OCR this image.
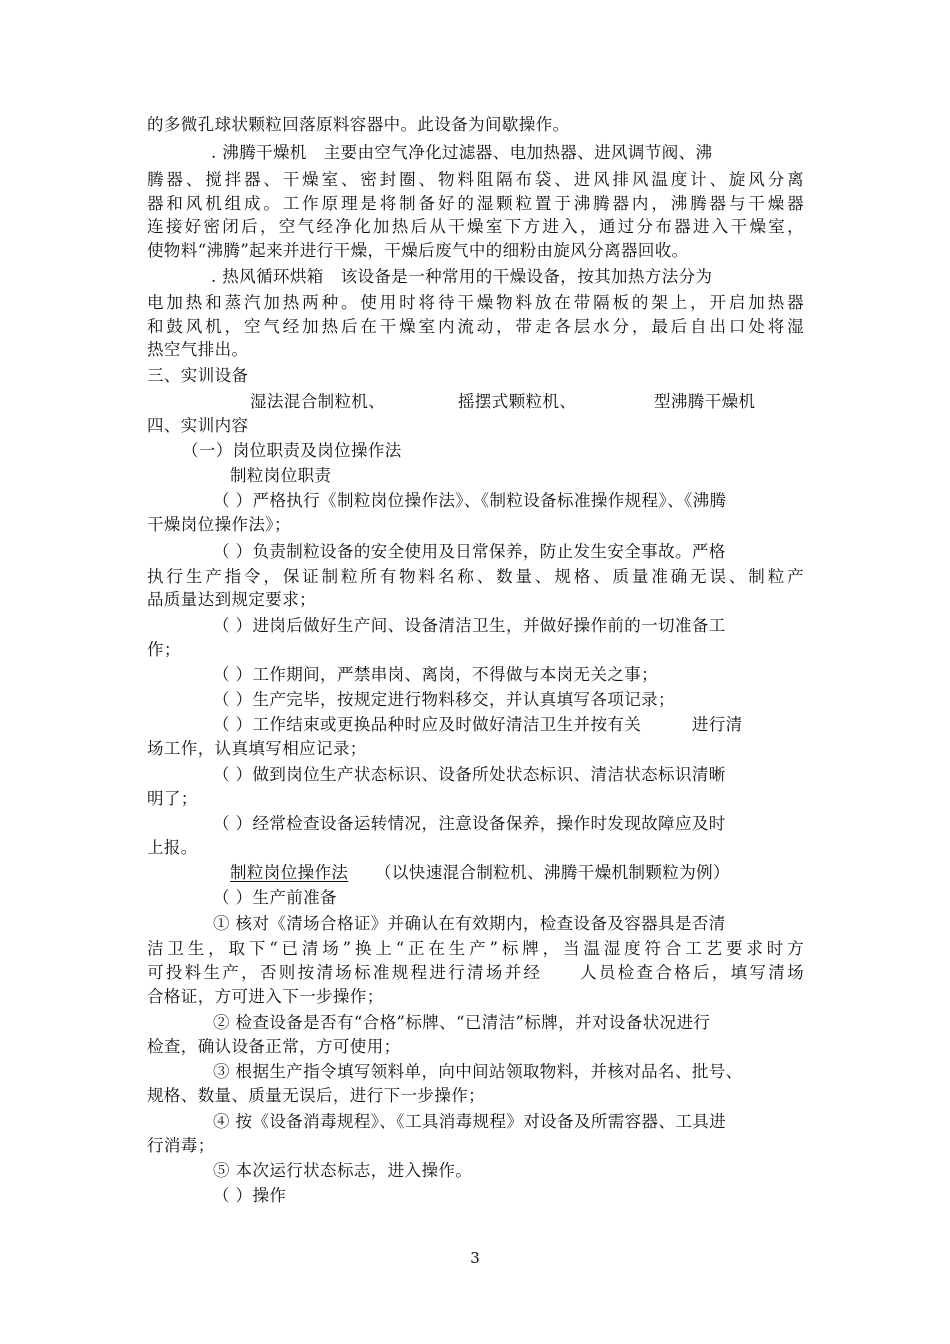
的多微孔球状颗粒回落原料容器中。此设备为间歇操作。
. 沸腾干燥机　主要由空气净化过滤器、电加热器、进风调节阀、沸
腾器、搅拌器、干燥室、密封圈、物料阻隔布袋、进风排风温度计、旋风分离
器和风机组成。工作原理是将制备好的湿颗粒置于沸腾器内，沸腾器与干燥器
连接好密闭后，空气经净化加热后从干燥室下方进入，通过分布器进入干燥室，
使物料“沸腾”起来并进行干燥，干燥后废气中的细粉由旋风分离器回收。
. 热风循环烘箱　该设备是一种常用的干燥设备，按其加热方法分为
电加热和蒸汽加热两种。使用时将待干燥物料放在带隔板的架上，开启加热器
和鼓风机，空气经加热后在干燥室内流动，带走各层水分，最后自出口处将湿
热空气排出。
三、实训设备
湿法混合制粒机、	摇摆式颗粒机、	型沸腾干燥机
四、实训内容
（一）岗位职责及岗位操作法
制粒岗位职责
（ ）严格执行《制粒岗位操作法》、《制粒设备标准操作规程》、《沸腾
干燥岗位操作法》；
（ ）负责制粒设备的安全使用及日常保养，防止发生安全事故。严格
执行生产指令，保证制粒所有物料名称、数量、规格、质量准确无误、制粒产
品质量达到规定要求；
（ ）进岗后做好生产间、设备清洁卫生，并做好操作前的一切准备工
作；
（ ）工作期间，严禁串岗、离岗，不得做与本岗无关之事；
（ ）生产完毕，按规定进行物料移交，并认真填写各项记录；
（ ）工作结束或更换品种时应及时做好清洁卫生并按有关　　　进行清
场工作，认真填写相应记录；
（ ）做到岗位生产状态标识、设备所处状态标识、清洁状态标识清晰
明了；
（ ）经常检查设备运转情况，注意设备保养，操作时发现故障应及时
上报。
制粒岗位操作法 （以快速混合制粒机、沸腾干燥机制颗粒为例）
（ ）生产前准备
① 核对《清场合格证》并确认在有效期内，检查设备及容器具是否清
洁卫生，取下“已清场”换上“正在生产”标牌，当温湿度符合工艺要求时方
可投料生产，否则按清场标准规程进行清场并经　　人员检查合格后，填写清场
合格证，方可进入下一步操作；
② 检查设备是否有“合格”标牌、“已清洁”标牌，并对设备状况进行
检查，确认设备正常，方可使用；
③ 根据生产指令填写领料单，向中间站领取物料，并核对品名、批号、
规格、数量、质量无误后，进行下一步操作；
④ 按《设备消毒规程》、《工具消毒规程》对设备及所需容器、工具进
行消毒；
⑤ 本次运行状态标志，进入操作。
（ ）操作
3
